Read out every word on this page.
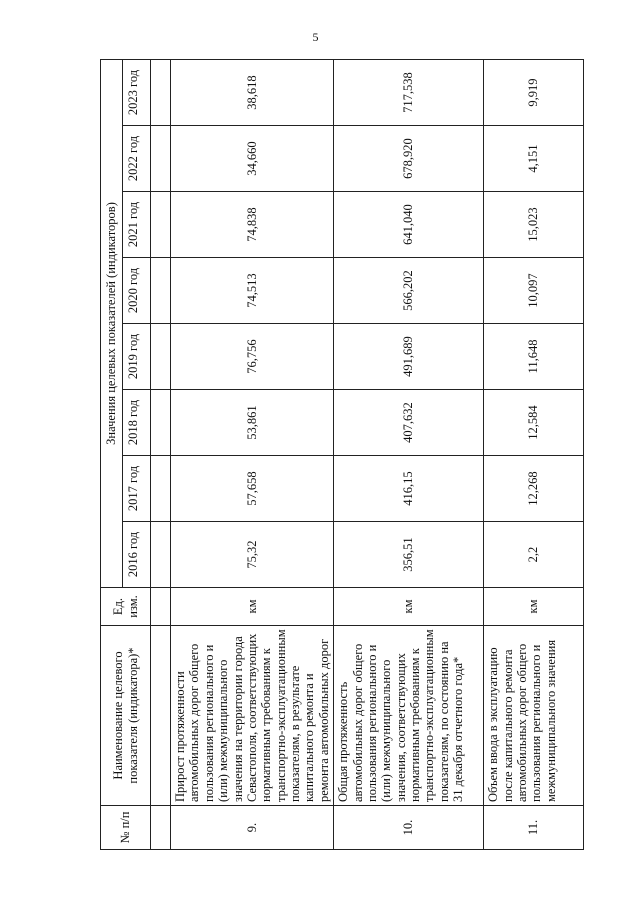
5
№ п/п	Наименование целевого показателя (индикатора)*	Ед. изм.	Значения целевых показателей (индикаторов)							
			2016 год	2017 год	2018 год	2019 год	2020 год	2021 год	2022 год	2023 год

9.	Прирост протяженности автомобильных дорог общего пользования регионального и (или) межмуниципального значения на территории города Севастополя, соответствующих нормативным требованиям к транспортно-эксплуатационным показателям, в результате капитального ремонта и ремонта автомобильных дорог	км	75,32	57,658	53,861	76,756	74,513	74,838	34,660	38,618
10.	Общая протяженность автомобильных дорог общего пользования регионального и (или) межмуниципального значения, соответствующих нормативным требованиям к транспортно-эксплуатационным показателям, по состоянию на 31 декабря отчетного года*	км	356,51	416,15	407,632	491,689	566,202	641,040	678,920	717,538
11.	Объем ввода в эксплуатацию после капитального ремонта автомобильных дорог общего пользования регионального и межмуниципального значения	км	2,2	12,268	12,584	11,648	10,097	15,023	4,151	9,919
